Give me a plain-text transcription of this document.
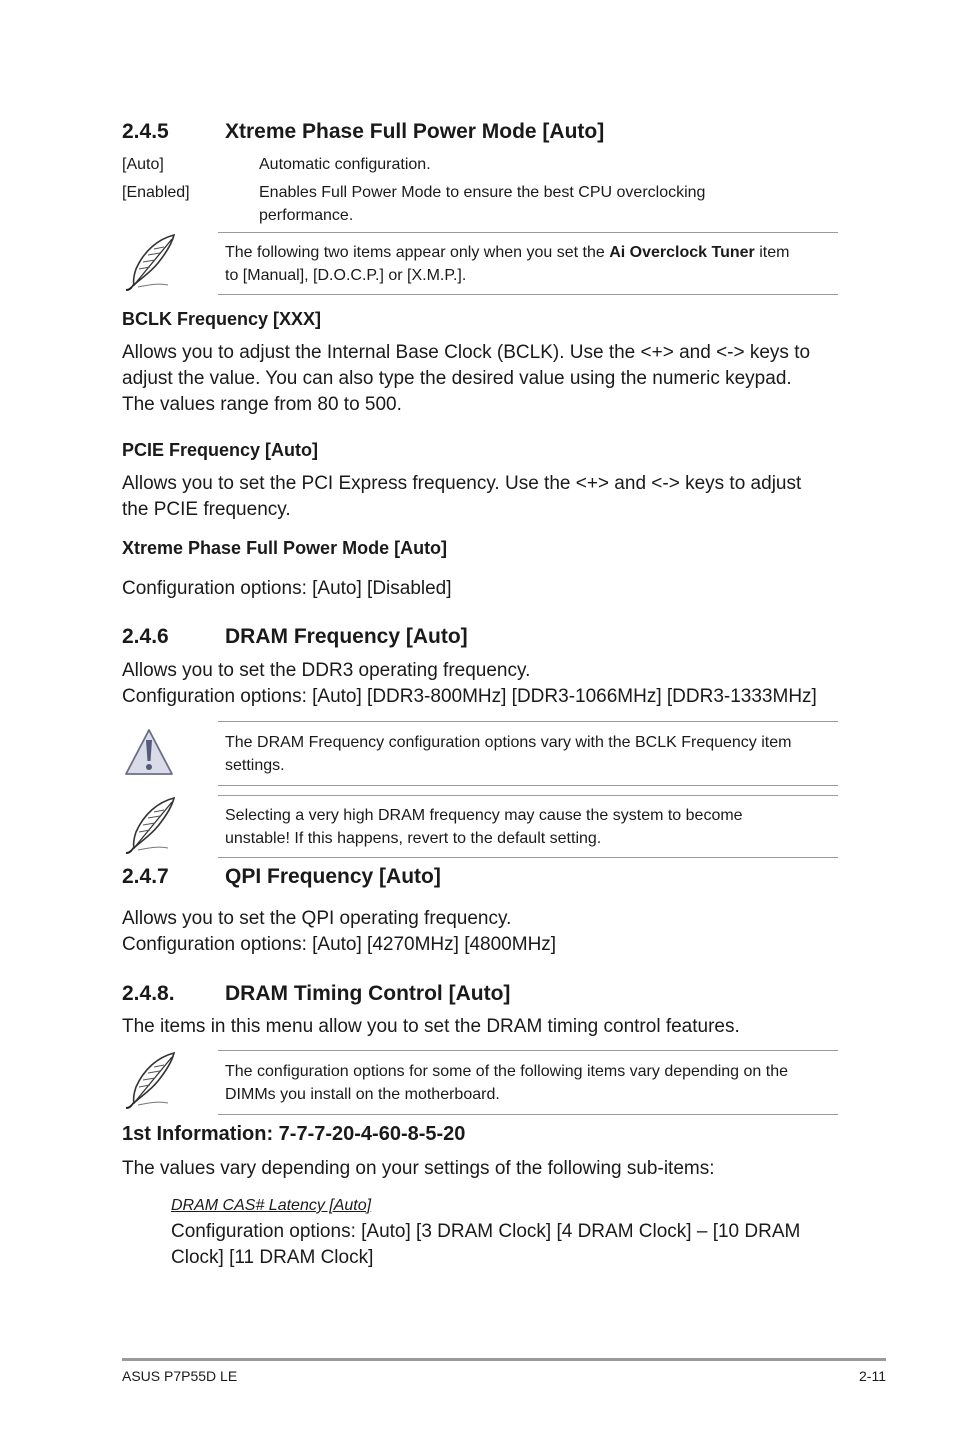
2.4.5	Xtreme Phase Full Power Mode [Auto]
[Auto]	Automatic configuration.
[Enabled]	Enables Full Power Mode to ensure the best CPU overclocking
performance.
The following two items appear only when you set the Ai Overclock Tuner item
to [Manual], [D.O.C.P.] or [X.M.P.].
BCLK Frequency [XXX]
Allows you to adjust the Internal Base Clock (BCLK). Use the <+> and <-> keys to
adjust the value. You can also type the desired value using the numeric keypad.
The values range from 80 to 500.
PCIE Frequency [Auto]
Allows you to set the PCI Express frequency. Use the <+> and <-> keys to adjust
the PCIE frequency.
Xtreme Phase Full Power Mode [Auto]
Configuration options: [Auto] [Disabled]
2.4.6	DRAM Frequency [Auto]
Allows you to set the DDR3 operating frequency.
Configuration options: [Auto] [DDR3-800MHz] [DDR3-1066MHz] [DDR3-1333MHz]
The DRAM Frequency configuration options vary with the BCLK Frequency item
settings.
Selecting a very high DRAM frequency may cause the system to become
unstable! If this happens, revert to the default setting.
2.4.7	QPI Frequency [Auto]
Allows you to set the QPI operating frequency.
Configuration options: [Auto] [4270MHz] [4800MHz]
2.4.8. DRAM Timing Control [Auto]
The items in this menu allow you to set the DRAM timing control features.
The configuration options for some of the following items vary depending on the
DIMMs you install on the motherboard.
1st Information: 7-7-7-20-4-60-8-5-20
The values vary depending on your settings of the following sub-items:
DRAM CAS# Latency [Auto]
Configuration options: [Auto] [3 DRAM Clock] [4 DRAM Clock] – [10 DRAM
Clock] [11 DRAM Clock]
ASUS P7P55D LE	2-11
